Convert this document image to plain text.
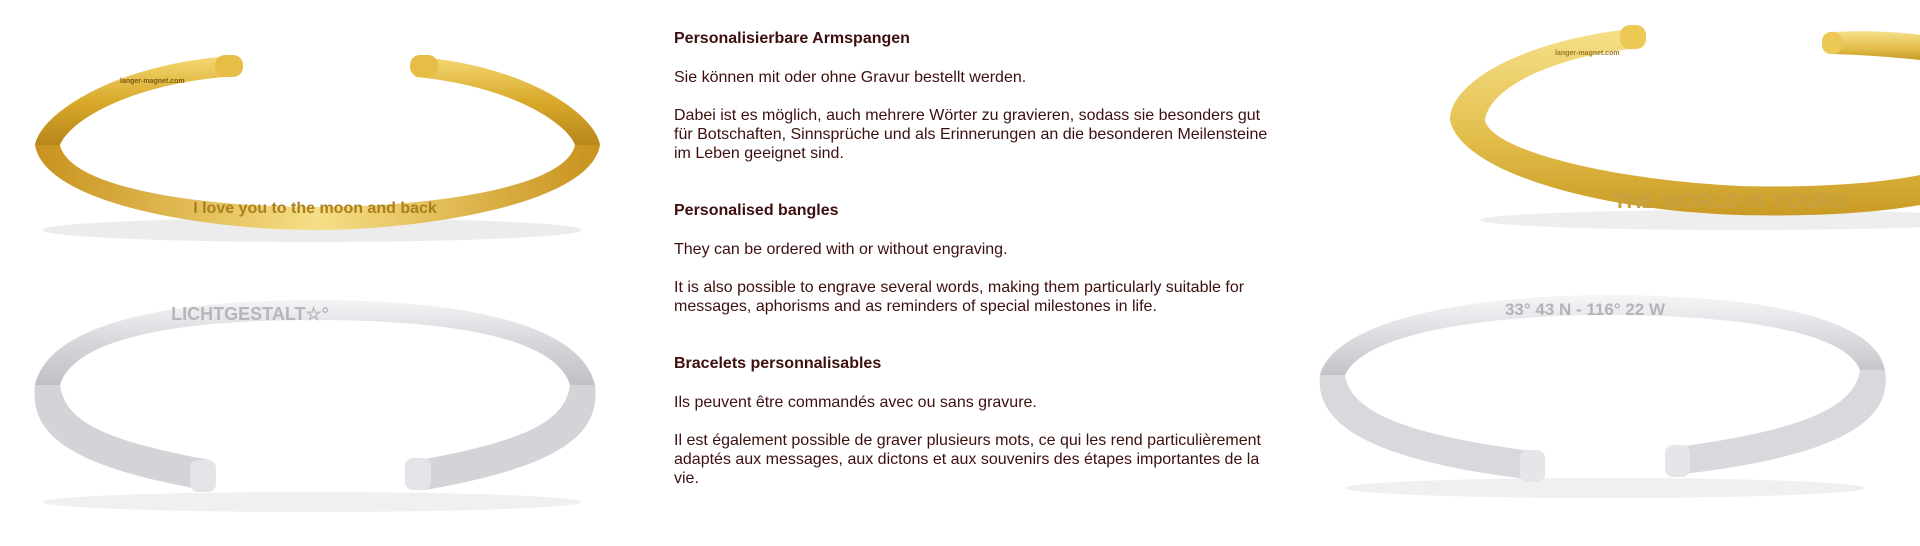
langer-magnet.com
I love you to the moon and back
LICHTGESTALT☆°
Personalisierbare Armspangen

Sie können mit oder ohne Gravur bestellt werden.

Dabei ist es möglich, auch mehrere Wörter zu gravieren, sodass sie besonders gut für Botschaften, Sinnsprüche und als Erinnerungen an die besonderen Meilensteine im Leben geeignet sind.

Personalised bangles

They can be ordered with or without engraving.

It is also possible to engrave several words, making them particularly suitable for messages, aphorisms and as reminders of special milestones in life.

Bracelets personnalisables

Ils peuvent être commandés avec ou sans gravure.

Il est également possible de graver plusieurs mots, ce qui les rend particulièrement adaptés aux messages, aux dictons et aux souvenirs des étapes importantes de la vie.

langer-magnet.com
THE WORLD IS YOURS
33° 43 N - 116° 22 W
